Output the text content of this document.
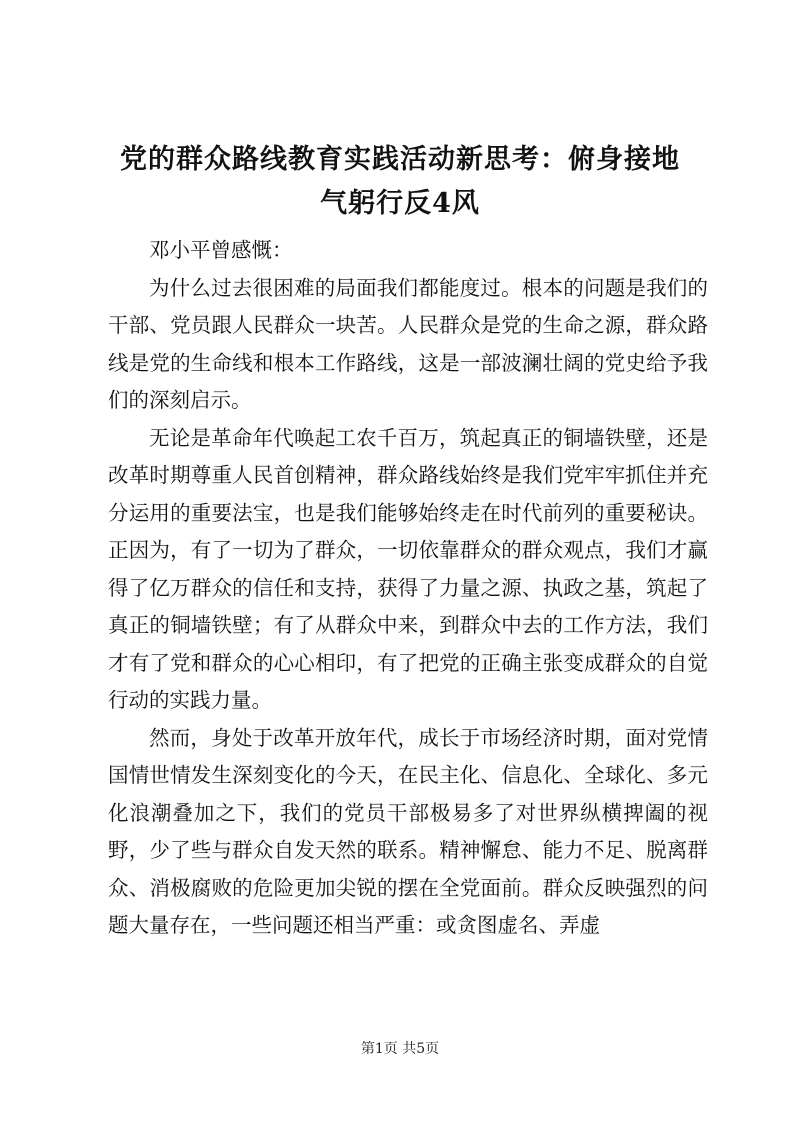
党的群众路线教育实践活动新思考：俯身接地
气躬行反4风

邓小平曾感慨：

为什么过去很困难的局面我们都能度过。根本的问题是我们的干部、党员跟人民群众一块苦。人民群众是党的生命之源，群众路线是党的生命线和根本工作路线，这是一部波澜壮阔的党史给予我们的深刻启示。

无论是革命年代唤起工农千百万，筑起真正的铜墙铁壁，还是改革时期尊重人民首创精神，群众路线始终是我们党牢牢抓住并充分运用的重要法宝，也是我们能够始终走在时代前列的重要秘诀。正因为，有了一切为了群众，一切依靠群众的群众观点，我们才赢得了亿万群众的信任和支持，获得了力量之源、执政之基，筑起了真正的铜墙铁壁；有了从群众中来，到群众中去的工作方法，我们才有了党和群众的心心相印，有了把党的正确主张变成群众的自觉行动的实践力量。

然而，身处于改革开放年代，成长于市场经济时期，面对党情国情世情发生深刻变化的今天，在民主化、信息化、全球化、多元化浪潮叠加之下，我们的党员干部极易多了对世界纵横捭阖的视野，少了些与群众自发天然的联系。精神懈怠、能力不足、脱离群众、消极腐败的危险更加尖锐的摆在全党面前。群众反映强烈的问题大量存在，一些问题还相当严重：或贪图虚名、弄虚

第1页 共5页
